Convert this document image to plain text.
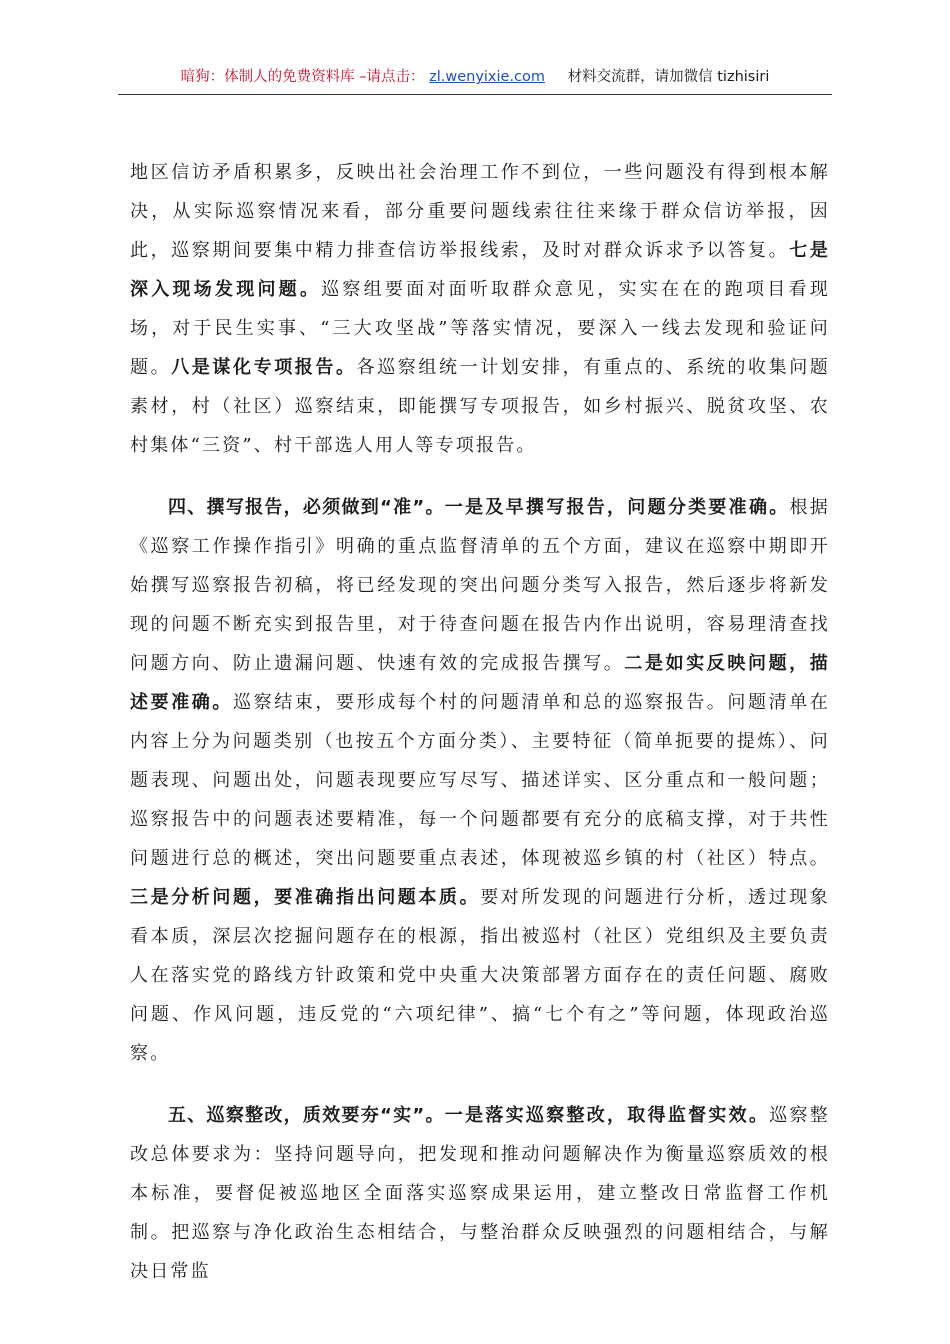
暗狗：体制人的免费资料库 –请点击： zl.wenyixie.com 材料交流群，请加微信 tizhisiri

地区信访矛盾积累多，反映出社会治理工作不到位，一些问题没有得到根本解决，从实际巡察情况来看，部分重要问题线索往往来缘于群众信访举报，因此，巡察期间要集中精力排查信访举报线索，及时对群众诉求予以答复。七是深入现场发现问题。巡察组要面对面听取群众意见，实实在在的跑项目看现场，对于民生实事、“三大攻坚战”等落实情况，要深入一线去发现和验证问题。八是谋化专项报告。各巡察组统一计划安排，有重点的、系统的收集问题素材，村（社区）巡察结束，即能撰写专项报告，如乡村振兴、脱贫攻坚、农村集体“三资”、村干部选人用人等专项报告。

四、撰写报告，必须做到“准”。一是及早撰写报告，问题分类要准确。根据《巡察工作操作指引》明确的重点监督清单的五个方面，建议在巡察中期即开始撰写巡察报告初稿，将已经发现的突出问题分类写入报告，然后逐步将新发现的问题不断充实到报告里，对于待查问题在报告内作出说明，容易理清查找问题方向、防止遗漏问题、快速有效的完成报告撰写。二是如实反映问题，描述要准确。巡察结束，要形成每个村的问题清单和总的巡察报告。问题清单在内容上分为问题类别（也按五个方面分类）、主要特征（简单扼要的提炼）、问题表现、问题出处，问题表现要应写尽写、描述详实、区分重点和一般问题；巡察报告中的问题表述要精准，每一个问题都要有充分的底稿支撑，对于共性问题进行总的概述，突出问题要重点表述，体现被巡乡镇的村（社区）特点。三是分析问题，要准确指出问题本质。要对所发现的问题进行分析，透过现象看本质，深层次挖掘问题存在的根源，指出被巡村（社区）党组织及主要负责人在落实党的路线方针政策和党中央重大决策部署方面存在的责任问题、腐败问题、作风问题，违反党的“六项纪律”、搞“七个有之”等问题，体现政治巡察。

五、巡察整改，质效要夯“实”。一是落实巡察整改，取得监督实效。巡察整改总体要求为：坚持问题导向，把发现和推动问题解决作为衡量巡察质效的根本标准，要督促被巡地区全面落实巡察成果运用，建立整改日常监督工作机制。把巡察与净化政治生态相结合，与整治群众反映强烈的问题相结合，与解决日常监
